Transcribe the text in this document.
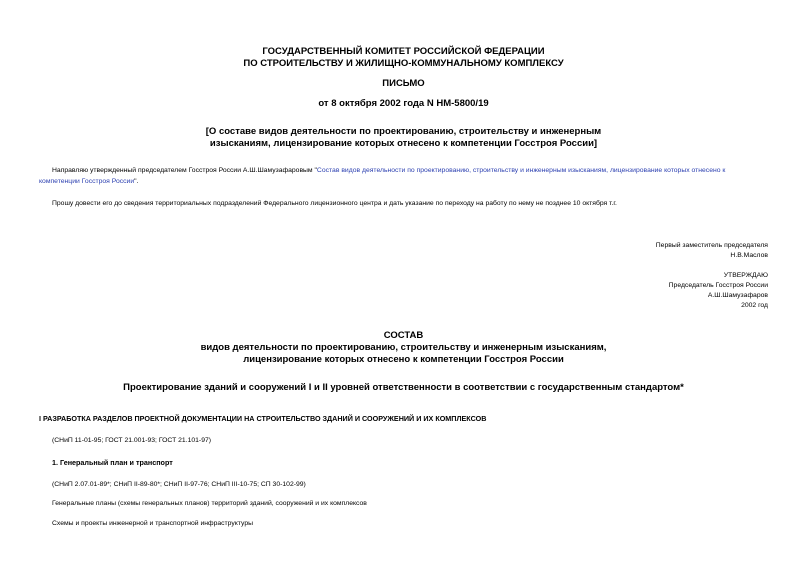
ГОСУДАРСТВЕННЫЙ КОМИТЕТ РОССИЙСКОЙ ФЕДЕРАЦИИ
ПО СТРОИТЕЛЬСТВУ И ЖИЛИЩНО-КОММУНАЛЬНОМУ КОМПЛЕКСУ
ПИСЬМО
от 8 октября 2002 года N НМ-5800/19
[О составе видов деятельности по проектированию, строительству и инженерным
изысканиям, лицензирование которых отнесено к компетенции Госстроя России]
Направляю утвержденный председателем Госстроя России А.Ш.Шамузафаровым "Состав видов деятельности по проектированию, строительству и инженерным изысканиям, лицензирование которых отнесено к
компетенции Госстроя России".
Прошу довести его до сведения территориальных подразделений Федерального лицензионного центра и дать указание по переходу на работу по нему не позднее 10 октября т.г.
Первый заместитель председателя
Н.В.Маслов
УТВЕРЖДАЮ
Председатель Госстроя России
А.Ш.Шамузафаров
2002 год
СОСТАВ
видов деятельности по проектированию, строительству и инженерным изысканиям,
лицензирование которых отнесено к компетенции Госстроя России
Проектирование зданий и сооружений I и II уровней ответственности в соответствии с государственным стандартом*
I РАЗРАБОТКА РАЗДЕЛОВ ПРОЕКТНОЙ ДОКУМЕНТАЦИИ НА СТРОИТЕЛЬСТВО ЗДАНИЙ И СООРУЖЕНИЙ И ИХ КОМПЛЕКСОВ
(СНиП 11-01-95; ГОСТ 21.001-93; ГОСТ 21.101-97)
1. Генеральный план и транспорт
(СНиП 2.07.01-89*; СНиП II-89-80*; СНиП II-97-76; СНиП III-10-75; СП 30-102-99)
Генеральные планы (схемы генеральных планов) территорий зданий, сооружений и их комплексов
Схемы и проекты инженерной и транспортной инфраструктуры
